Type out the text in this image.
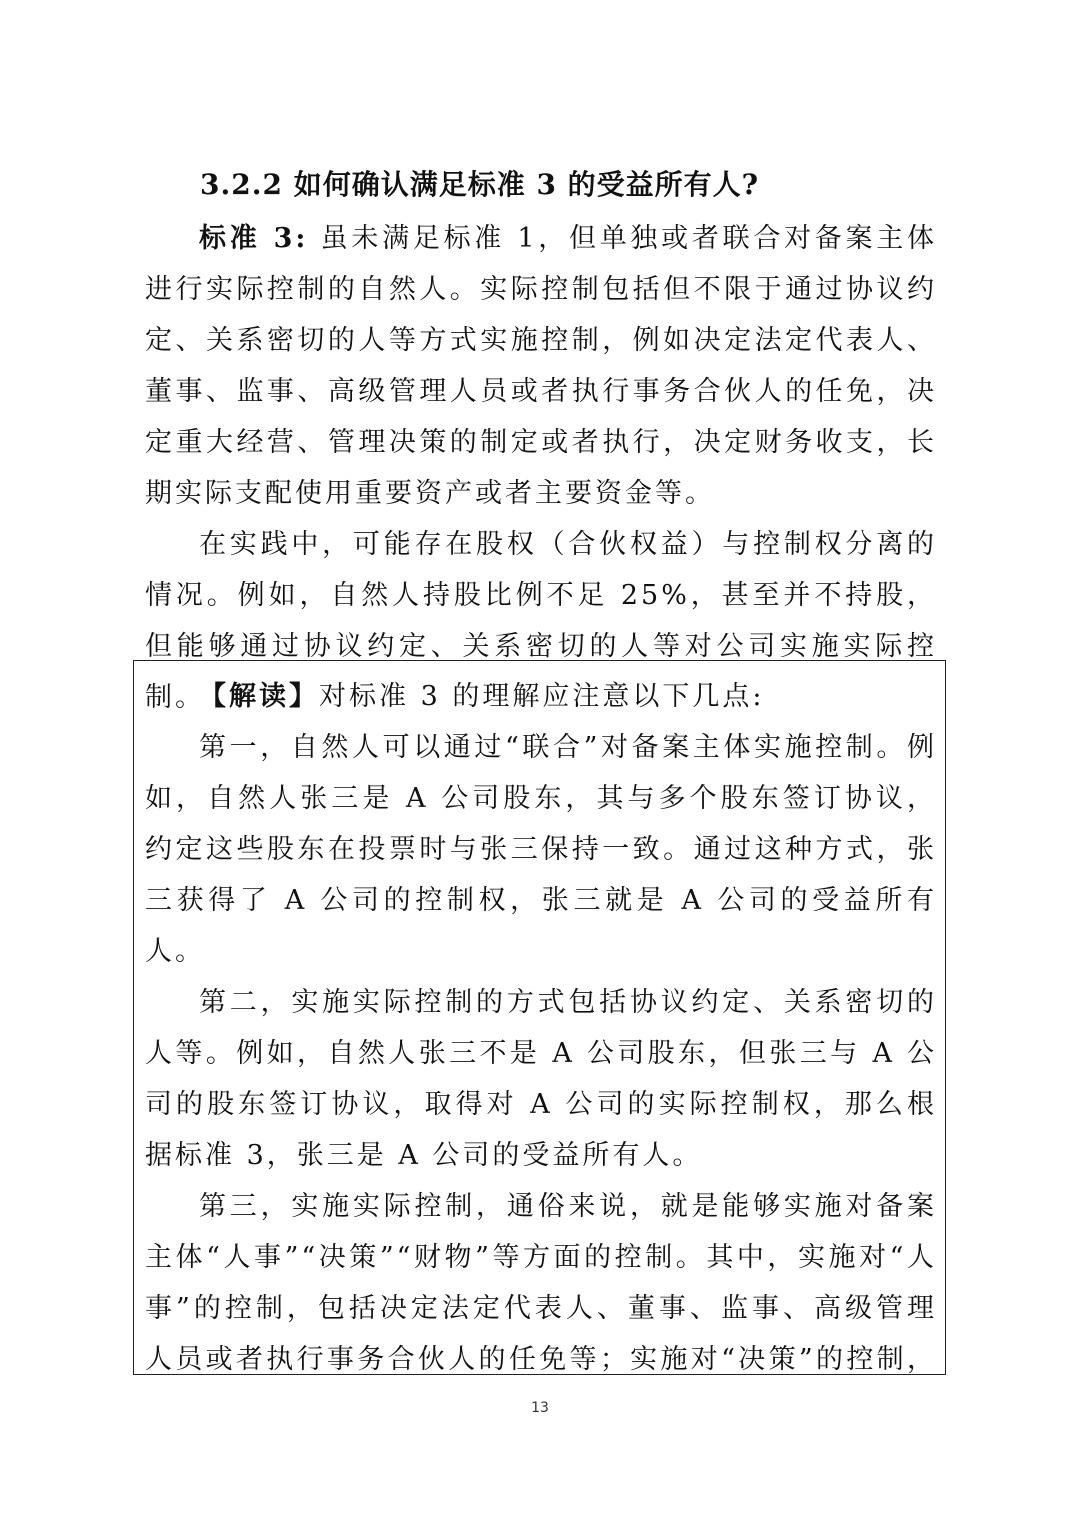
3.2.2 如何确认满足标准 3 的受益所有人?

标准 3: 虽未满足标准 1，但单独或者联合对备案主体进行实际控制的自然人。实际控制包括但不限于通过协议约定、关系密切的人等方式实施控制，例如决定法定代表人、董事、监事、高级管理人员或者执行事务合伙人的任免，决定重大经营、管理决策的制定或者执行，决定财务收支，长期实际支配使用重要资产或者主要资金等。

在实践中，可能存在股权（合伙权益）与控制权分离的情况。例如，自然人持股比例不足 25%，甚至并不持股，但能够通过协议约定、关系密切的人等对公司实施实际控制。

【解读】对标准 3 的理解应注意以下几点:

第一，自然人可以通过“联合”对备案主体实施控制。例如，自然人张三是 A 公司股东，其与多个股东签订协议，约定这些股东在投票时与张三保持一致。通过这种方式，张三获得了 A 公司的控制权，张三就是 A 公司的受益所有人。

第二，实施实际控制的方式包括协议约定、关系密切的人等。例如，自然人张三不是 A 公司股东，但张三与 A 公司的股东签订协议，取得对 A 公司的实际控制权，那么根据标准 3，张三是 A 公司的受益所有人。

第三，实施实际控制，通俗来说，就是能够实施对备案主体“人事”“决策”“财物”等方面的控制。其中，实施对“人事”的控制，包括决定法定代表人、董事、监事、高级管理人员或者执行事务合伙人的任免等；实施对“决策”的控制，

13
